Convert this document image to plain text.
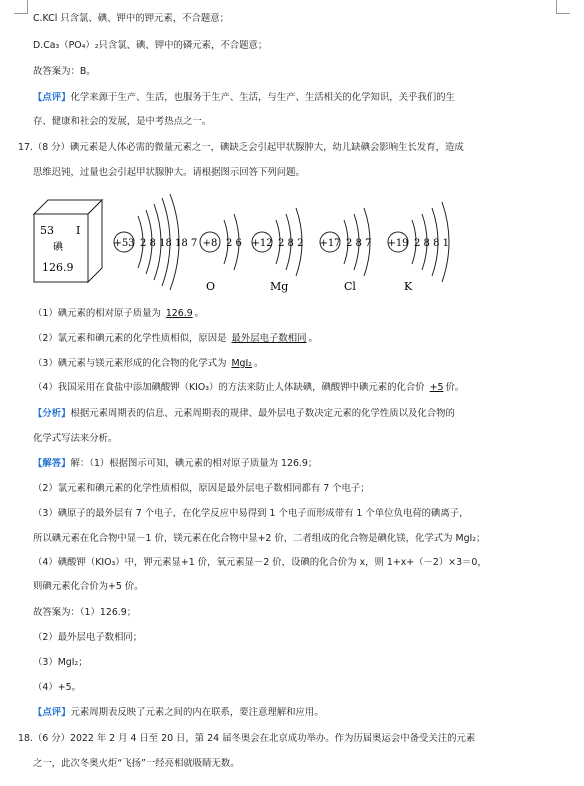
C.KCl 只含氯、碘、钾中的钾元素，不合题意；
D.Ca₃（PO₄）₂只含氯、碘、钾中的磷元素，不合题意；
故答案为：B。
【点评】化学来源于生产、生活，也服务于生产、生活，与生产、生活相关的化学知识，关乎我们的生
存、健康和社会的发展，是中考热点之一。
17.（8 分）碘元素是人体必需的微量元素之一，碘缺乏会引起甲状腺肿大，幼儿缺碘会影响生长发育，造成
思维迟钝，过量也会引起甲状腺肿大。请根据图示回答下列问题。
53 I
碘
126.9
+53 2 8 18 18 7 +8 2 6
O
+12 2 8 2
Mg
+17 2 8 7
Cl
+19 2 8 8 1
K
（1）碘元素的相对原子质量为 126.9 。
（2）氯元素和碘元素的化学性质相似，原因是 最外层电子数相同 。
（3）碘元素与镁元素形成的化合物的化学式为 MgI₂ 。
（4）我国采用在食盐中添加碘酸钾（KIO₃）的方法来防止人体缺碘，碘酸钾中碘元素的化合价 +5 价。
【分析】根据元素周期表的信息、元素周期表的规律、最外层电子数决定元素的化学性质以及化合物的
化学式写法来分析。
【解答】解：（1）根据图示可知，碘元素的相对原子质量为 126.9；
（2）氯元素和碘元素的化学性质相似，原因是最外层电子数相同都有 7 个电子；
（3）碘原子的最外层有 7 个电子，在化学反应中易得到 1 个电子而形成带有 1 个单位负电荷的碘离子，
所以碘元素在化合物中显－1 价，镁元素在化合物中显+2 价，二者组成的化合物是碘化镁，化学式为 MgI₂；
（4）碘酸钾（KIO₃）中，钾元素显+1 价，氧元素显－2 价，设碘的化合价为 x，则 1+x+（－2）×3＝0，
则碘元素化合价为+5 价。
故答案为：（1）126.9；
（2）最外层电子数相同；
（3）MgI₂；
（4）+5。
【点评】元素周期表反映了元素之间的内在联系，要注意理解和应用。
18.（6 分）2022 年 2 月 4 日至 20 日，第 24 届冬奥会在北京成功举办。作为历届奥运会中备受关注的元素
之一，此次冬奥火炬“飞扬”一经亮相就吸睛无数。
